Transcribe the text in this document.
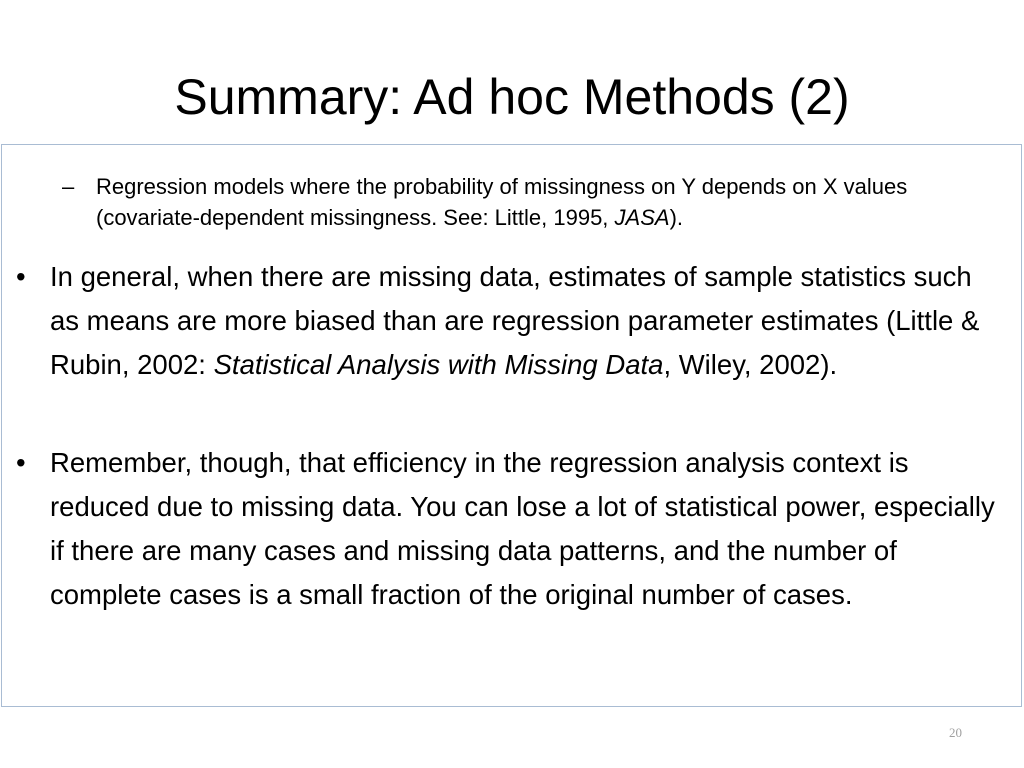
Summary: Ad hoc Methods (2)
– Regression models where the probability of missingness on Y depends on X values (covariate-dependent missingness. See: Little, 1995, JASA).
• In general, when there are missing data, estimates of sample statistics such as means are more biased than are regression parameter estimates (Little & Rubin, 2002: Statistical Analysis with Missing Data, Wiley, 2002).
• Remember, though, that efficiency in the regression analysis context is reduced due to missing data. You can lose a lot of statistical power, especially if there are many cases and missing data patterns, and the number of complete cases is a small fraction of the original number of cases.
20
